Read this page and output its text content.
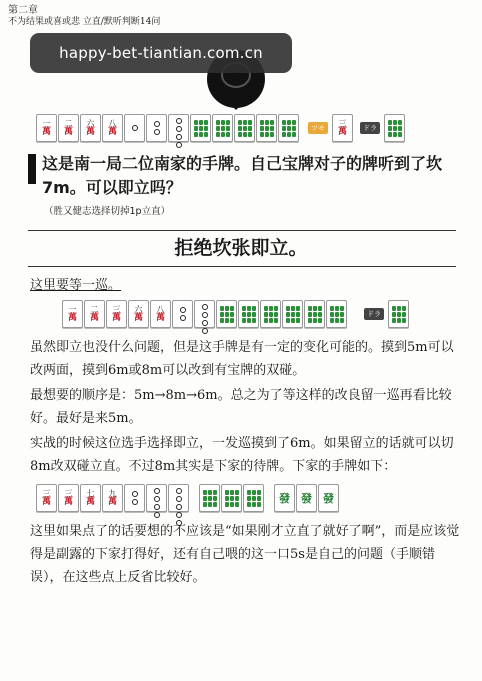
第二章
不为结果或喜或悲 立直/默听判断14问
happy-bet-tiantian.com.cn
一
萬
二
萬
六
萬
八
萬	ツモ	三
萬	ドラ
这是南一局二位南家的手牌。自己宝牌对子的牌听到了坎7m。可以即立吗？
（胜又健志选择切掉1p立直）
拒绝坎张即立。
这里要等一巡。
一
萬
二
萬
三
萬
六
萬
八
萬	ドラ
虽然即立也没什么问题，但是这手牌是有一定的变化可能的。摸到5m可以改两面，摸到6m或8m可以改到有宝牌的双碰。
最想要的顺序是：5m→8m→6m。总之为了等这样的改良留一巡再看比较好。最好是来5m。
实战的时候这位选手选择即立，一发巡摸到了6m。如果留立的话就可以切8m改双碰立直。不过8m其实是下家的待牌。下家的手牌如下：
三
萬
三
萬
七
萬
九
萬	發 發 發
这里如果点了的话要想的不应该是“如果刚才立直了就好了啊”，而是应该觉得是副露的下家打得好，还有自己喂的这一口5s是自己的问题（手顺错误），在这些点上反省比较好。
